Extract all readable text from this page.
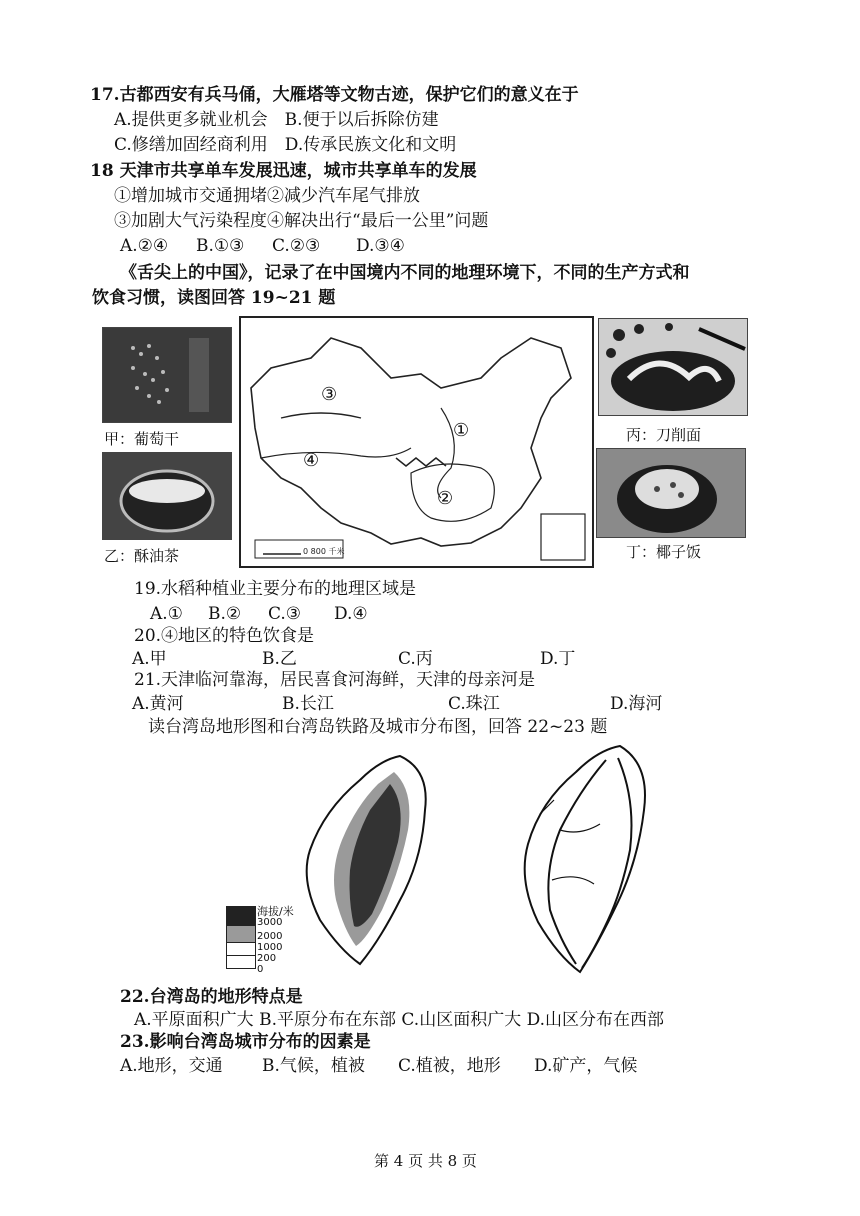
17.古都西安有兵马俑，大雁塔等文物古迹，保护它们的意义在于
A.提供更多就业机会　B.便于以后拆除仿建
C.修缮加固经商利用　D.传承民族文化和文明
18 天津市共享单车发展迅速，城市共享单车的发展
①增加城市交通拥堵②减少汽车尾气排放
③加剧大气污染程度④解决出行“最后一公里”问题
A.②④ B.①③ C.②③ D.③④
《舌尖上的中国》，记录了在中国境内不同的地理环境下，不同的生产方式和
饮食习惯，读图回答 19~21 题
甲：葡萄干
乙：酥油茶
丙：刀削面
丁：椰子饭
0 800 千米
③
④
①
②
19.水稻种植业主要分布的地理区域是
A.① B.② C.③ D.④
20.④地区的特色饮食是
A.甲	B.乙	C.丙	D.丁
21.天津临河靠海，居民喜食河海鲜，天津的母亲河是
A.黄河	B.长江	C.珠江	D.海河
读台湾岛地形图和台湾岛铁路及城市分布图，回答 22~23 题
海拔/米
3000
2000
1000
200
0
22.台湾岛的地形特点是
A.平原面积广大 B.平原分布在东部 C.山区面积广大 D.山区分布在西部
23.影响台湾岛城市分布的因素是
A.地形，交通 B.气候，植被 C.植被，地形 D.矿产，气候
第 4 页 共 8 页
